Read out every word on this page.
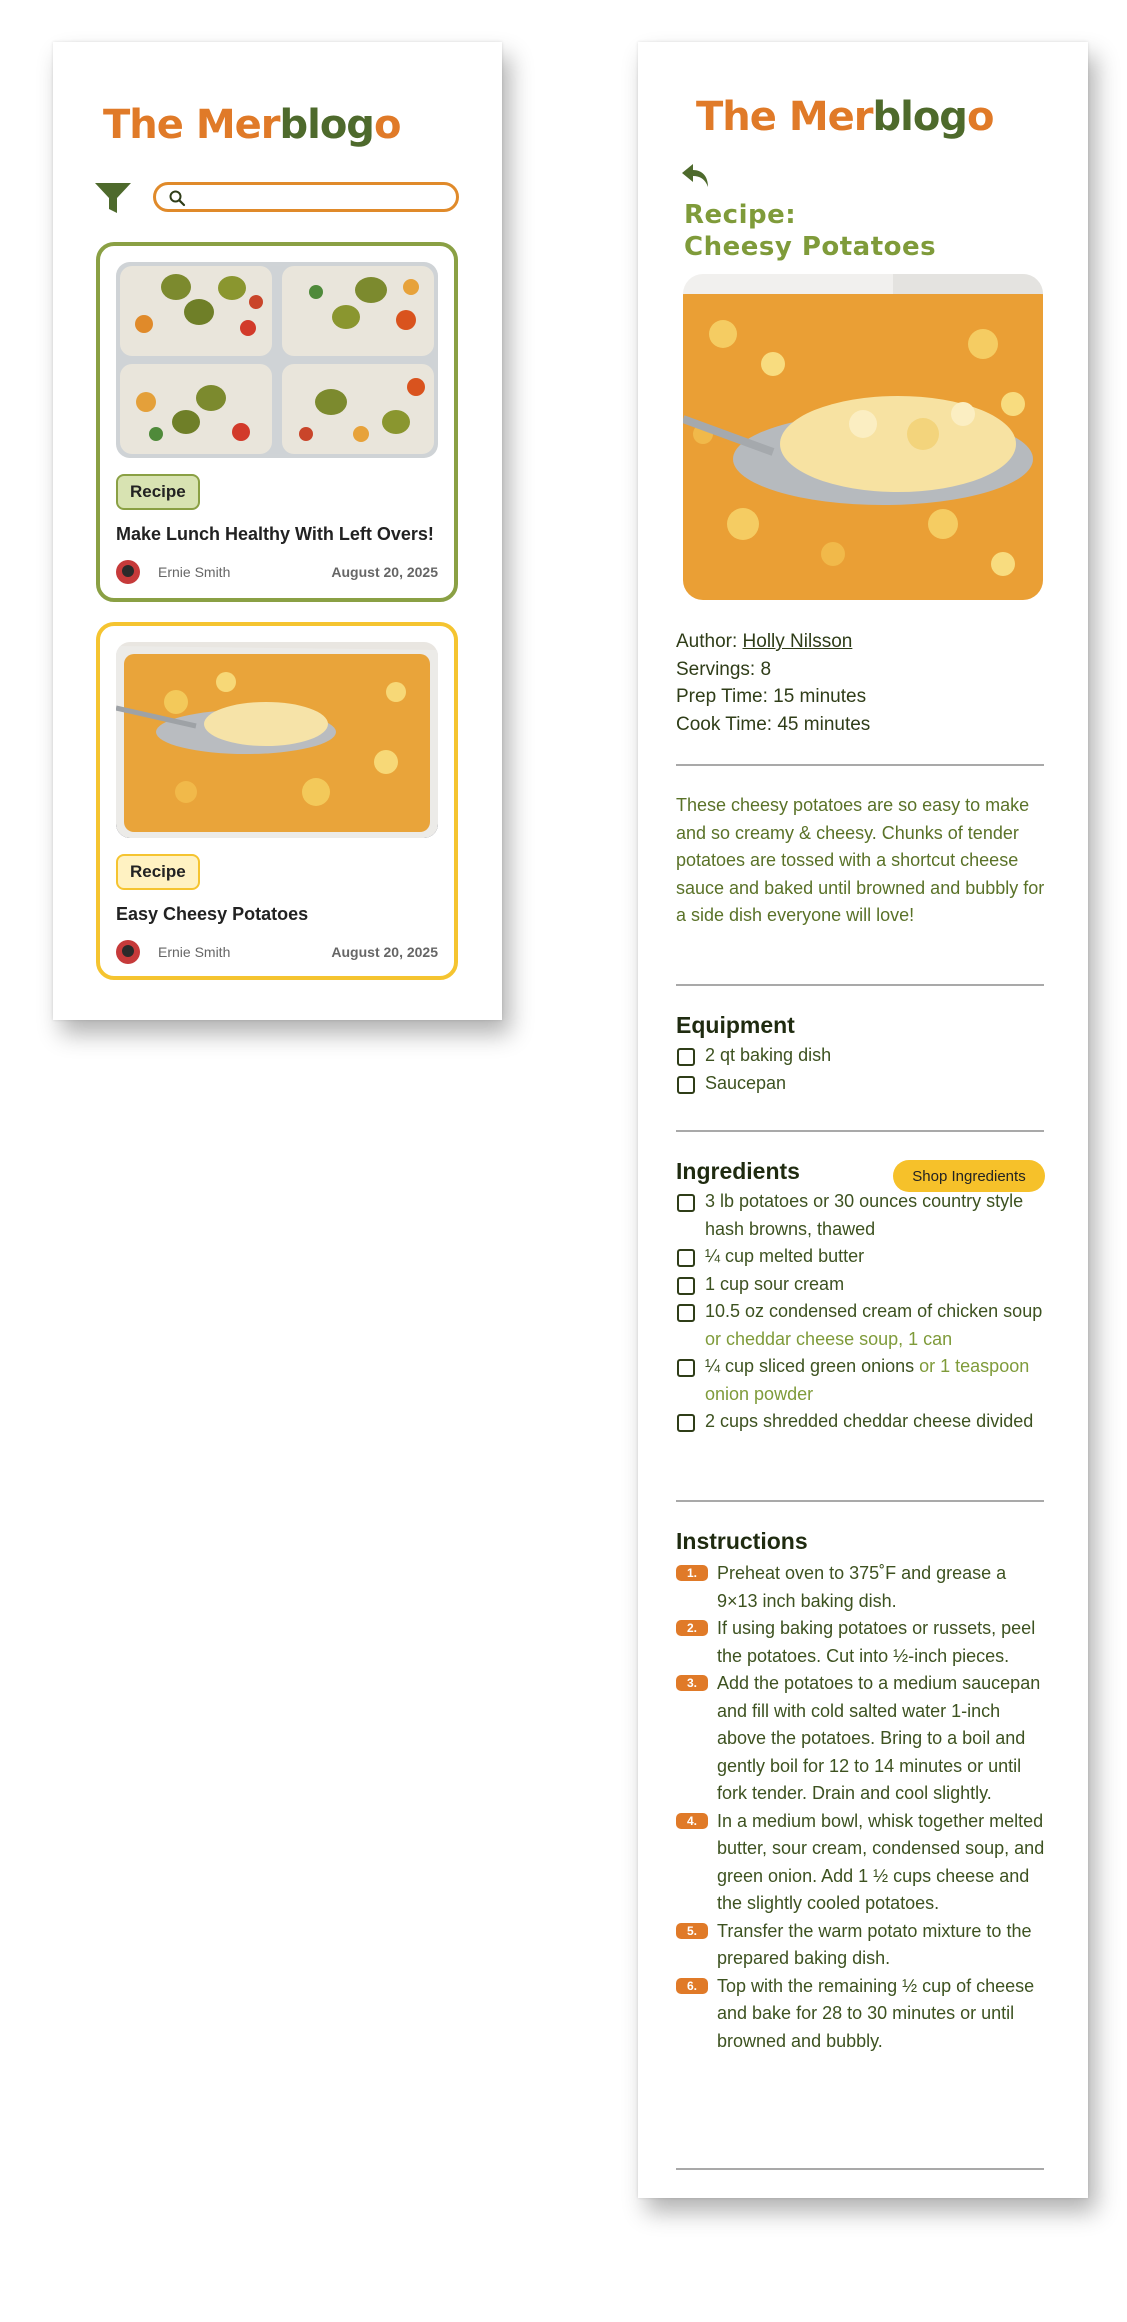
The Merblogo
Recipe
Make Lunch Healthy With Left Overs!
Ernie Smith	August 20, 2025
Recipe
Easy Cheesy Potatoes
Ernie Smith	August 20, 2025
The Merblogo
Recipe:
Cheesy Potatoes
Author: Holly Nilsson
Servings: 8
Prep Time: 15 minutes
Cook Time: 45 minutes
These cheesy potatoes are so easy to make and so creamy & cheesy. Chunks of tender potatoes are tossed with a shortcut cheese sauce and baked until browned and bubbly for a side dish everyone will love!
Equipment
2 qt baking dish
Saucepan
Ingredients	Shop Ingredients
3 lb potatoes or 30 ounces country style hash browns, thawed
¼ cup melted butter
1 cup sour cream
10.5 oz condensed cream of chicken soup or cheddar cheese soup, 1 can
¼ cup sliced green onions or 1 teaspoon onion powder
2 cups shredded cheddar cheese divided
Instructions
1.	Preheat oven to 375˚F and grease a 9×13 inch baking dish.
2.	If using baking potatoes or russets, peel the potatoes. Cut into ½-inch pieces.
3.	Add the potatoes to a medium saucepan and fill with cold salted water 1-inch above the potatoes. Bring to a boil and gently boil for 12 to 14 minutes or until fork tender. Drain and cool slightly.
4.	In a medium bowl, whisk together melted butter, sour cream, condensed soup, and green onion. Add 1 ½ cups cheese and the slightly cooled potatoes.
5.	Transfer the warm potato mixture to the prepared baking dish.
6.	Top with the remaining ½ cup of cheese and bake for 28 to 30 minutes or until browned and bubbly.
